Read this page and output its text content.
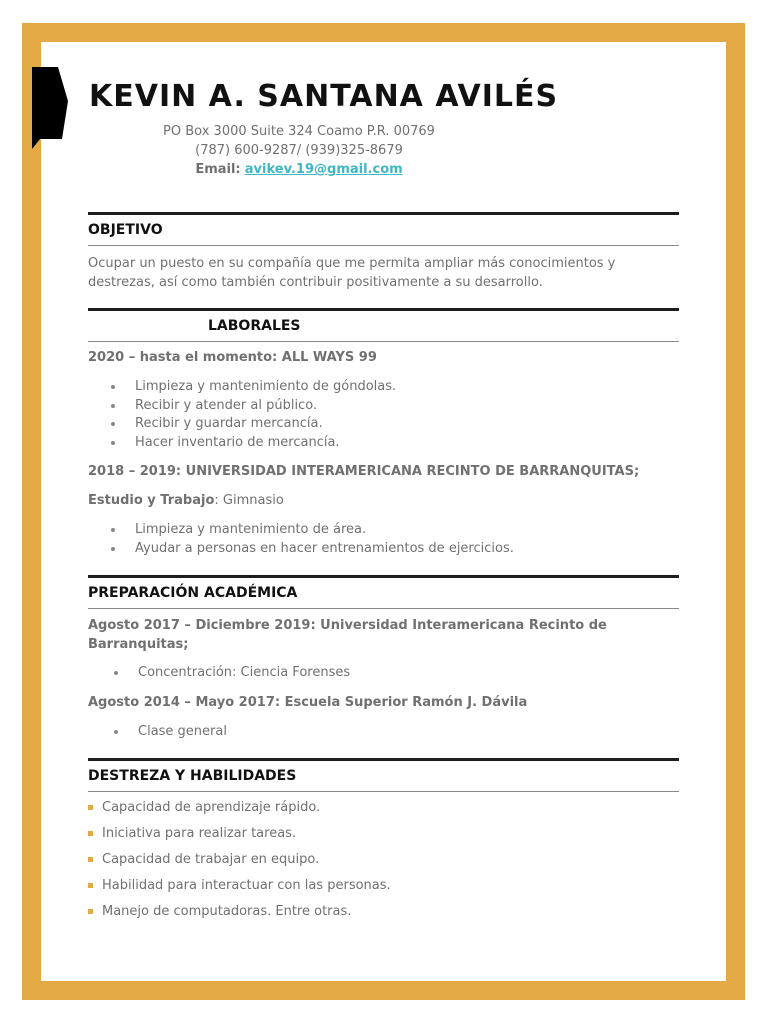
KEVIN A. SANTANA AVILÉS
PO Box 3000 Suite 324 Coamo P.R. 00769
(787) 600-9287/ (939)325-8679
Email: avikev.19@gmail.com
OBJETIVO

Ocupar un puesto en su compañía que me permita ampliar más conocimientos y destrezas, así como también contribuir positivamente a su desarrollo.

LABORALES

2020 – hasta el momento: ALL WAYS 99

Limpieza y mantenimiento de góndolas.
Recibir y atender al público.
Recibir y guardar mercancía.
Hacer inventario de mercancía.

2018 – 2019: UNIVERSIDAD INTERAMERICANA RECINTO DE BARRANQUITAS;

Estudio y Trabajo: Gimnasio

Limpieza y mantenimiento de área.
Ayudar a personas en hacer entrenamientos de ejercicios.
PREPARACIÓN ACADÉMICA

Agosto 2017 – Diciembre 2019: Universidad Interamericana Recinto de Barranquitas;

Concentración: Ciencia Forenses

Agosto 2014 – Mayo 2017: Escuela Superior Ramón J. Dávila

Clase general
DESTREZA Y HABILIDADES
Capacidad de aprendizaje rápido.
Iniciativa para realizar tareas.
Capacidad de trabajar en equipo.
Habilidad para interactuar con las personas.
Manejo de computadoras. Entre otras.
